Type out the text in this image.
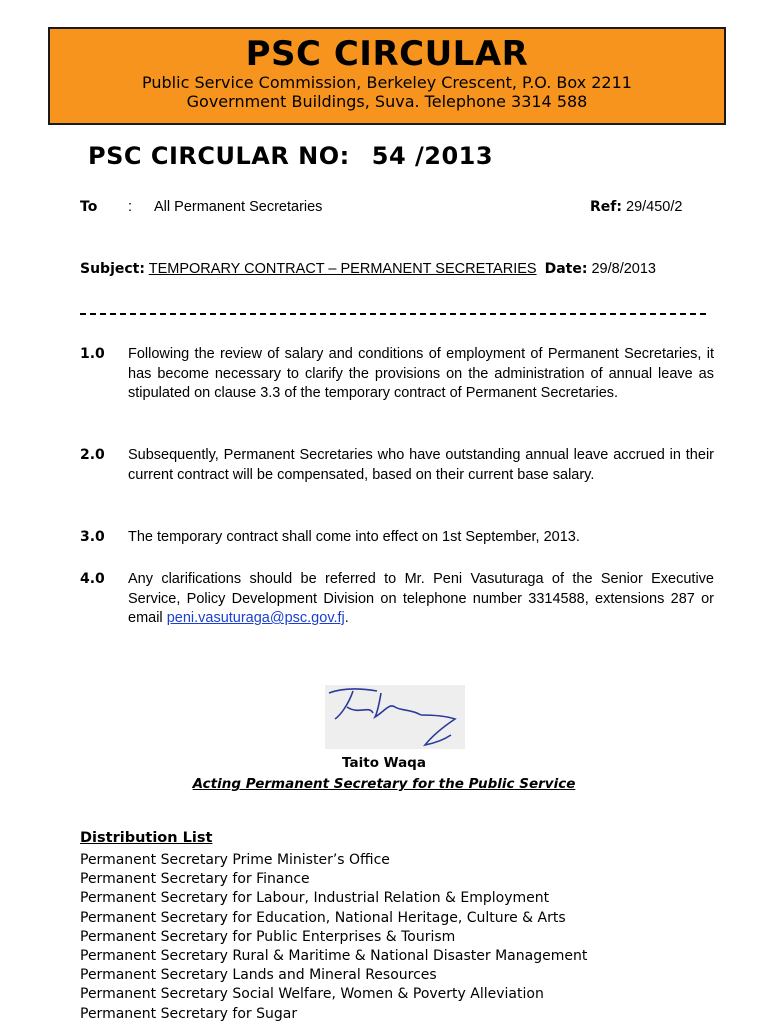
PSC CIRCULAR
Public Service Commission, Berkeley Crescent, P.O. Box 2211
Government Buildings, Suva. Telephone 3314 588
PSC CIRCULAR NO: 54 /2013
To : All Permanent Secretaries	Ref: 29/450/2
Subject: TEMPORARY CONTRACT – PERMANENT SECRETARIES Date: 29/8/2013
1.0 Following the review of salary and conditions of employment of Permanent Secretaries, it has become necessary to clarify the provisions on the administration of annual leave as stipulated on clause 3.3 of the temporary contract of Permanent Secretaries.
2.0 Subsequently, Permanent Secretaries who have outstanding annual leave accrued in their current contract will be compensated, based on their current base salary.
3.0 The temporary contract shall come into effect on 1st September, 2013.
4.0 Any clarifications should be referred to Mr. Peni Vasuturaga of the Senior Executive Service, Policy Development Division on telephone number 3314588, extensions 287 or email peni.vasuturaga@psc.gov.fj.
Taito Waqa
Acting Permanent Secretary for the Public Service
Distribution List
Permanent Secretary Prime Minister’s Office
Permanent Secretary for Finance
Permanent Secretary for Labour, Industrial Relation & Employment
Permanent Secretary for Education, National Heritage, Culture & Arts
Permanent Secretary for Public Enterprises & Tourism
Permanent Secretary Rural & Maritime & National Disaster Management
Permanent Secretary Lands and Mineral Resources
Permanent Secretary Social Welfare, Women & Poverty Alleviation
Permanent Secretary for Sugar
